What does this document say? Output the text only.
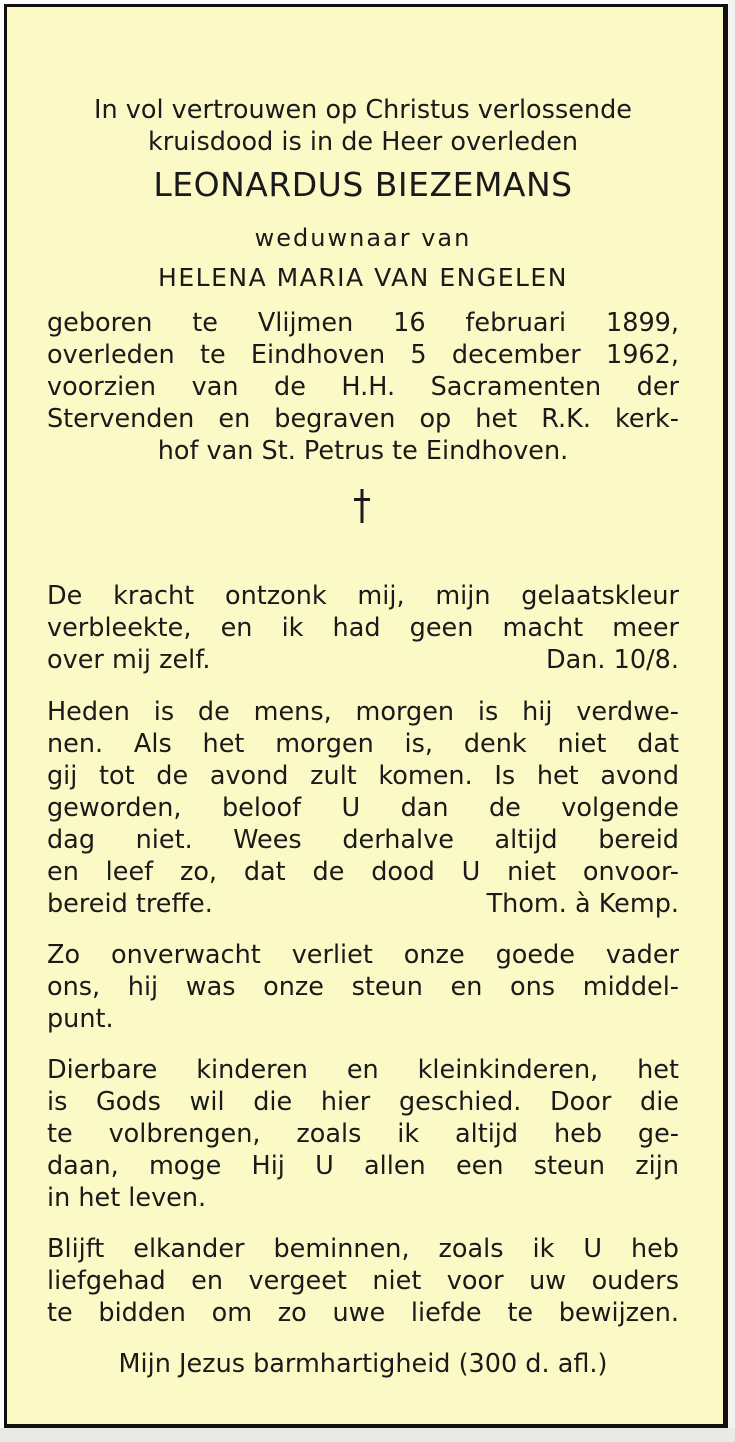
In vol vertrouwen op Christus verlossende
kruisdood is in de Heer overleden
LEONARDUS BIEZEMANS
weduwnaar van
HELENA MARIA VAN ENGELEN
geboren te Vlijmen 16 februari 1899,
overleden te Eindhoven 5 december 1962,
voorzien van de H.H. Sacramenten der
Stervenden en begraven op het R.K. kerk-
hof van St. Petrus te Eindhoven.
De kracht ontzonk mij, mijn gelaatskleur
verbleekte, en ik had geen macht meer
over mij zelf.	Dan. 10/8.
Heden is de mens, morgen is hij verdwe-
nen. Als het morgen is, denk niet dat
gij tot de avond zult komen. Is het avond
geworden, beloof U dan de volgende
dag niet. Wees derhalve altijd bereid
en leef zo, dat de dood U niet onvoor-
bereid treffe.	Thom. à Kemp.
Zo onverwacht verliet onze goede vader
ons, hij was onze steun en ons middel-
punt.
Dierbare kinderen en kleinkinderen, het
is Gods wil die hier geschied. Door die
te volbrengen, zoals ik altijd heb ge-
daan, moge Hij U allen een steun zijn
in het leven.
Blijft elkander beminnen, zoals ik U heb
liefgehad en vergeet niet voor uw ouders
te bidden om zo uwe liefde te bewijzen.
Mijn Jezus barmhartigheid (300 d. afl.)
